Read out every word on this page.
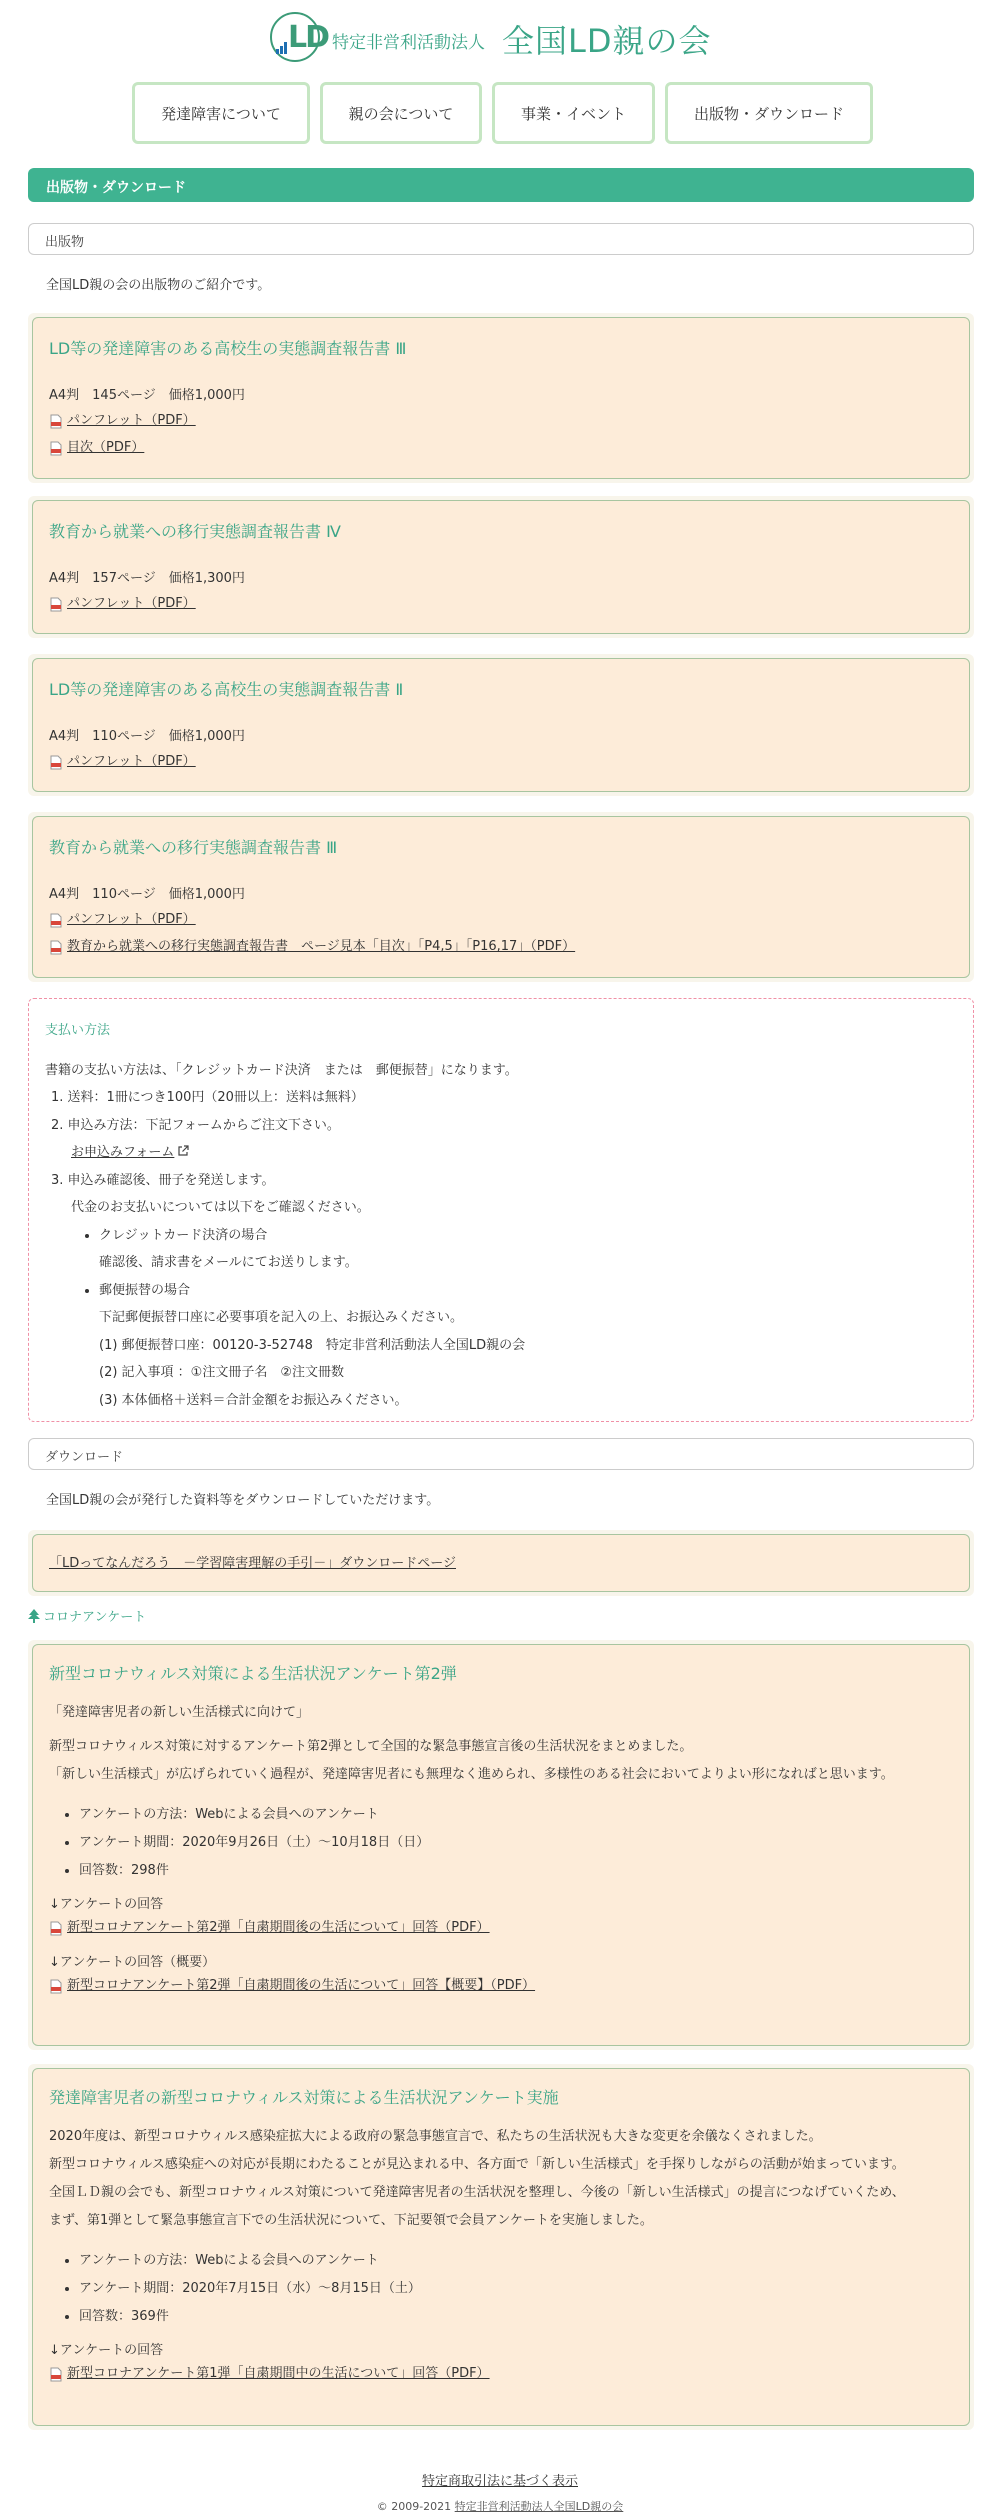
LD 特定非営利活動法人 全国LD親の会
発達障害について	親の会について	事業・イベント	出版物・ダウンロード
出版物・ダウンロード
出版物
全国LD親の会の出版物のご紹介です。
LD等の発達障害のある高校生の実態調査報告書 Ⅲ
A4判　145ページ　価格1,000円
パンフレット（PDF）
目次（PDF）
教育から就業への移行実態調査報告書 Ⅳ
A4判　157ページ　価格1,300円
パンフレット（PDF）
LD等の発達障害のある高校生の実態調査報告書 Ⅱ
A4判　110ページ　価格1,000円
パンフレット（PDF）
教育から就業への移行実態調査報告書 Ⅲ
A4判　110ページ　価格1,000円
パンフレット（PDF）
教育から就業への移行実態調査報告書　ページ見本「目次」「P4,5」「P16,17」（PDF）
支払い方法

書籍の支払い方法は、「クレジットカード決済　または　郵便振替」になります。

1. 送料：1冊につき100円（20冊以上：送料は無料）
2. 申込み方法：下記フォームからご注文下さい。
お申込みフォーム
3. 申込み確認後、冊子を発送します。
代金のお支払いについては以下をご確認ください。
• クレジットカード決済の場合
確認後、請求書をメールにてお送りします。
• 郵便振替の場合
下記郵便振替口座に必要事項を記入の上、お振込みください。
(1) 郵便振替口座：00120-3-52748　特定非営利活動法人全国LD親の会
(2) 記入事項 ：①注文冊子名　②注文冊数
(3) 本体価格＋送料＝合計金額をお振込みください。
ダウンロード
全国LD親の会が発行した資料等をダウンロードしていただけます。
「LDってなんだろう　－学習障害理解の手引－」ダウンロードページ
コロナアンケート
新型コロナウィルス対策による生活状況アンケート第2弾

「発達障害児者の新しい生活様式に向けて」

新型コロナウィルス対策に対するアンケート第2弾として全国的な緊急事態宣言後の生活状況をまとめました。

「新しい生活様式」が広げられていく過程が、発達障害児者にも無理なく進められ、多様性のある社会においてよりよい形になればと思います。

• アンケートの方法：Webによる会員へのアンケート
• アンケート期間：2020年9月26日（土）～10月18日（日）
• 回答数：298件

↓アンケートの回答

新型コロナアンケート第2弾「自粛期間後の生活について」回答（PDF）

↓アンケートの回答（概要）

新型コロナアンケート第2弾「自粛期間後の生活について」回答【概要】（PDF）
発達障害児者の新型コロナウィルス対策による生活状況アンケート実施

2020年度は、新型コロナウィルス感染症拡大による政府の緊急事態宣言で、私たちの生活状況も大きな変更を余儀なくされました。

新型コロナウィルス感染症への対応が長期にわたることが見込まれる中、各方面で「新しい生活様式」を手探りしながらの活動が始まっています。

全国ＬＤ親の会でも、新型コロナウィルス対策について発達障害児者の生活状況を整理し、今後の「新しい生活様式」の提言につなげていくため、

まず、第1弾として緊急事態宣言下での生活状況について、下記要領で会員アンケートを実施しました。

• アンケートの方法：Webによる会員へのアンケート
• アンケート期間：2020年7月15日（水）～8月15日（土）
• 回答数：369件

↓アンケートの回答

新型コロナアンケート第1弾「自粛期間中の生活について」回答（PDF）
特定商取引法に基づく表示
© 2009-2021 特定非営利活動法人全国LD親の会
